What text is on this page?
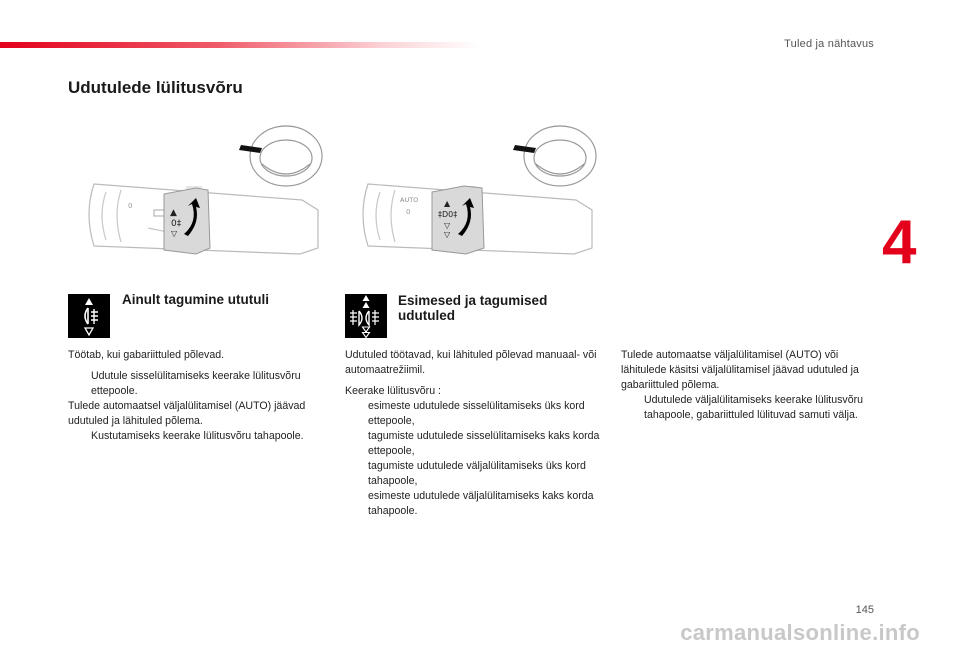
Tuled ja nähtavus
4
Udutulede lülitusvõru
0
▲
0‡
▽
AUTO
0
▲
‡D0‡
▽
▽
Ainult tagumine ututuli	Esimesed ja tagumised udutuled

Töötab, kui gabariittuled põlevad.

Udutule sisselülitamiseks keerake lülitusvõru ettepoole.

Tulede automaatsel väljalülitamisel (AUTO) jäävad udutuled ja lähituled põlema.

Kustutamiseks keerake lülitusvõru tahapoole.

Udutuled töötavad, kui lähituled põlevad manuaal- või automaatrežiimil.

Keerake lülitusvõru :

esimeste udutulede sisselülitamiseks üks kord ettepoole,

tagumiste udutulede sisselülitamiseks kaks korda ettepoole,

tagumiste udutulede väljalülitamiseks üks kord tahapoole,

esimeste udutulede väljalülitamiseks kaks korda tahapoole.

Tulede automaatse väljalülitamisel (AUTO) või lähitulede käsitsi väljalülitamisel jäävad udutuled ja gabariittuled põlema.

Udutulede väljalülitamiseks keerake lülitusvõru tahapoole, gabariittuled lülituvad samuti välja.

145
carmanualsonline.info
